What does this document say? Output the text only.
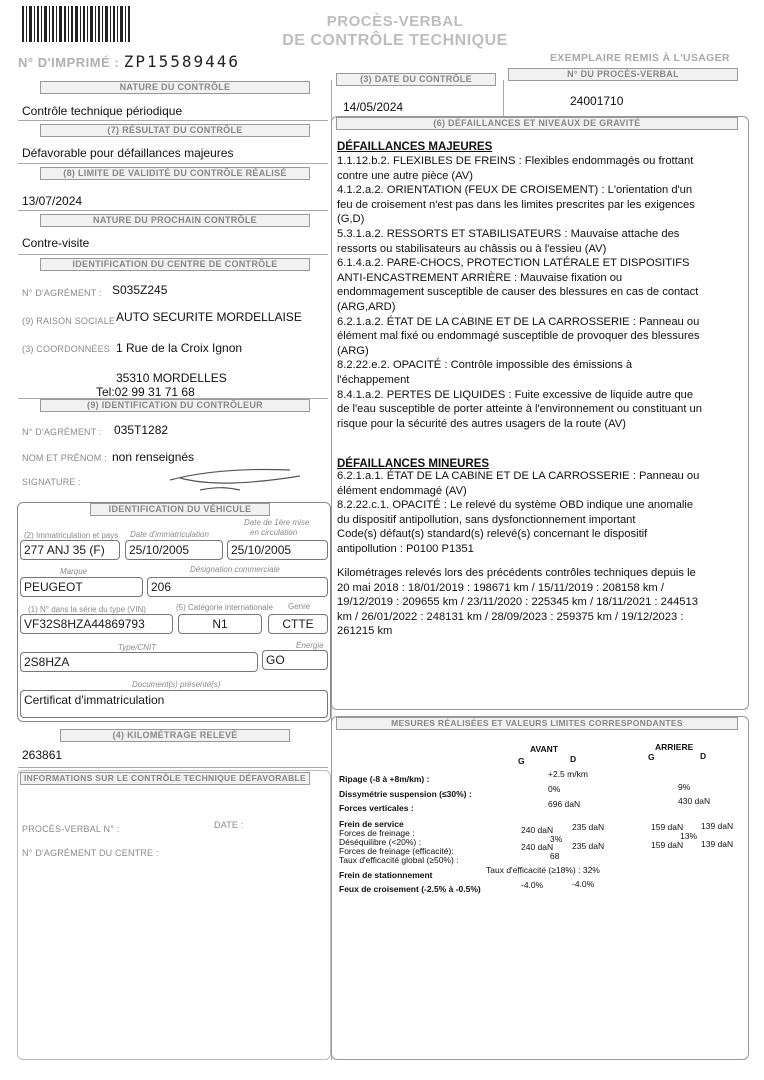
PROCÈS-VERBAL
DE CONTRÔLE TECHNIQUE
N° D'IMPRIMÉ : ZP15589446	EXEMPLAIRE REMIS À L'USAGER
NATURE DU CONTRÔLE
Contrôle technique périodique
(7) RÉSULTAT DU CONTRÔLE
Défavorable pour défaillances majeures
(8) LIMITE DE VALIDITÉ DU CONTRÔLE RÉALISÉ
13/07/2024
NATURE DU PROCHAIN CONTRÔLE
Contre-visite
IDENTIFICATION DU CENTRE DE CONTRÔLE
N° D'AGRÉMENT : S035Z245
(9) RAISON SOCIALE AUTO SECURITE MORDELLAISE
(3) COORDONNÉES 1 Rue de la Croix Ignon
35310 MORDELLES
Tel:02 99 31 71 68
(9) IDENTIFICATION DU CONTRÔLEUR
N° D'AGRÉMENT : 035T1282
NOM ET PRÉNOM : non renseignés
SIGNATURE :
IDENTIFICATION DU VÉHICULE
(2) Immatriculation et pays Date d'immatriculation
Date de 1ère mise
en circulation
277 ANJ 35 (F)	25/10/2005	25/10/2005
Marque	Désignation commerciale
PEUGEOT	206
(1) N° dans la série du type (VIN)	(5) Catégorie internationale Genre
VF32S8HZA44869793	N1	CTTE
Type/CNIT	Énergie
2S8HZA	GO
Document(s) présenté(s)
Certificat d'immatriculation
(4) KILOMÉTRAGE RELEVÉ
263861
INFORMATIONS SUR LE CONTRÔLE TECHNIQUE DÉFAVORABLE
PROCÈS-VERBAL N° :	DATE :
N° D'AGRÉMENT DU CENTRE :
(3) DATE DU CONTRÔLE	N° DU PROCÈS-VERBAL
14/05/2024	24001710
(6) DÉFAILLANCES ET NIVEAUX DE GRAVITÉ
DÉFAILLANCES MAJEURES
1.1.12.b.2. FLEXIBLES DE FREINS : Flexibles endommagés ou frottant
contre une autre pièce (AV)
4.1.2.a.2. ORIENTATION (FEUX DE CROISEMENT) : L'orientation d'un
feu de croisement n'est pas dans les limites prescrites par les exigences
(G,D)
5.3.1.a.2. RESSORTS ET STABILISATEURS : Mauvaise attache des
ressorts ou stabilisateurs au châssis ou à l'essieu (AV)
6.1.4.a.2. PARE-CHOCS, PROTECTION LATÉRALE ET DISPOSITIFS
ANTI-ENCASTREMENT ARRIÈRE : Mauvaise fixation ou
endommagement susceptible de causer des blessures en cas de contact
(ARG,ARD)
6.2.1.a.2. ÉTAT DE LA CABINE ET DE LA CARROSSERIE : Panneau ou
élément mal fixé ou endommagé susceptible de provoquer des blessures
(ARG)
8.2.22.e.2. OPACITÉ : Contrôle impossible des émissions à
l'échappement
8.4.1.a.2. PERTES DE LIQUIDES : Fuite excessive de liquide autre que
de l'eau susceptible de porter atteinte à l'environnement ou constituant un
risque pour la sécurité des autres usagers de la route (AV)
DÉFAILLANCES MINEURES
6.2.1.a.1. ÉTAT DE LA CABINE ET DE LA CARROSSERIE : Panneau ou
élément endommagé (AV)
8.2.22.c.1. OPACITÉ : Le relevé du système OBD indique une anomalie
du dispositif antipollution, sans dysfonctionnement important
Code(s) défaut(s) standard(s) relevé(s) concernant le dispositif
antipollution : P0100 P1351
Kilométrages relevés lors des précédents contrôles techniques depuis le
20 mai 2018 : 18/01/2019 : 198671 km / 15/11/2019 : 208158 km /
19/12/2019 : 209655 km / 23/11/2020 : 225345 km / 18/11/2021 : 244513
km / 26/01/2022 : 248131 km / 28/09/2023 : 259375 km / 19/12/2023 :
261215 km
MESURES RÉALISÉES ET VALEURS LIMITES CORRESPONDANTES
AVANT	ARRIERE
G	D	G	D
Ripage (-8 à +8m/km) :	+2.5 m/km
Dissymétrie suspension (≤30%) :	0%	9%
Forces verticales :	696 daN	430 daN
Frein de service
Forces de freinage :	240 daN 235 daN	159 daN 139 daN
Déséquilibre (<20%) :	3%	13%
Forces de freinage (efficacité):	240 daN 235 daN	159 daN 139 daN
Taux d'efficacité global (≥50%) :	68
Frein de stationnement	Taux d'efficacité (≥18%) : 32%
Feux de croisement (-2.5% à -0.5%)	-4.0%	-4.0%
